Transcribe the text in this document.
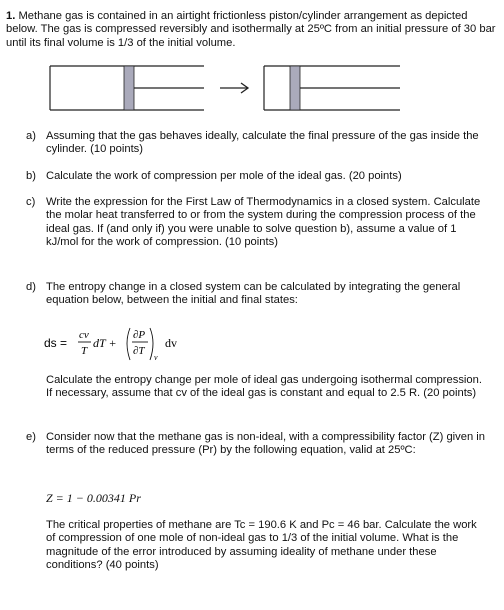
1. Methane gas is contained in an airtight frictionless piston/cylinder arrangement as depicted below. The gas is compressed reversibly and isothermally at 25ºC from an initial pressure of 30 bar until its final volume is 1/3 of the initial volume.
a) Assuming that the gas behaves ideally, calculate the final pressure of the gas inside the cylinder. (10 points)
b) Calculate the work of compression per mole of the ideal gas. (20 points)
c) Write the expression for the First Law of Thermodynamics in a closed system. Calculate the molar heat transferred to or from the system during the compression process of the ideal gas. If (and only if) you were unable to solve question b), assume a value of 1 kJ/mol for the work of compression. (10 points)
d) The entropy change in a closed system can be calculated by integrating the general equation below, between the initial and final states:
ds =
cv
T
dT +
∂P
∂T
v
dv
Calculate the entropy change per mole of ideal gas undergoing isothermal compression. If necessary, assume that cv of the ideal gas is constant and equal to 2.5 R. (20 points)
e) Consider now that the methane gas is non-ideal, with a compressibility factor (Z) given in terms of the reduced pressure (Pr) by the following equation, valid at 25ºC:
Z = 1 − 0.00341 Pr
The critical properties of methane are Tc = 190.6 K and Pc = 46 bar. Calculate the work of compression of one mole of non-ideal gas to 1/3 of the initial volume. What is the magnitude of the error introduced by assuming ideality of methane under these conditions? (40 points)
